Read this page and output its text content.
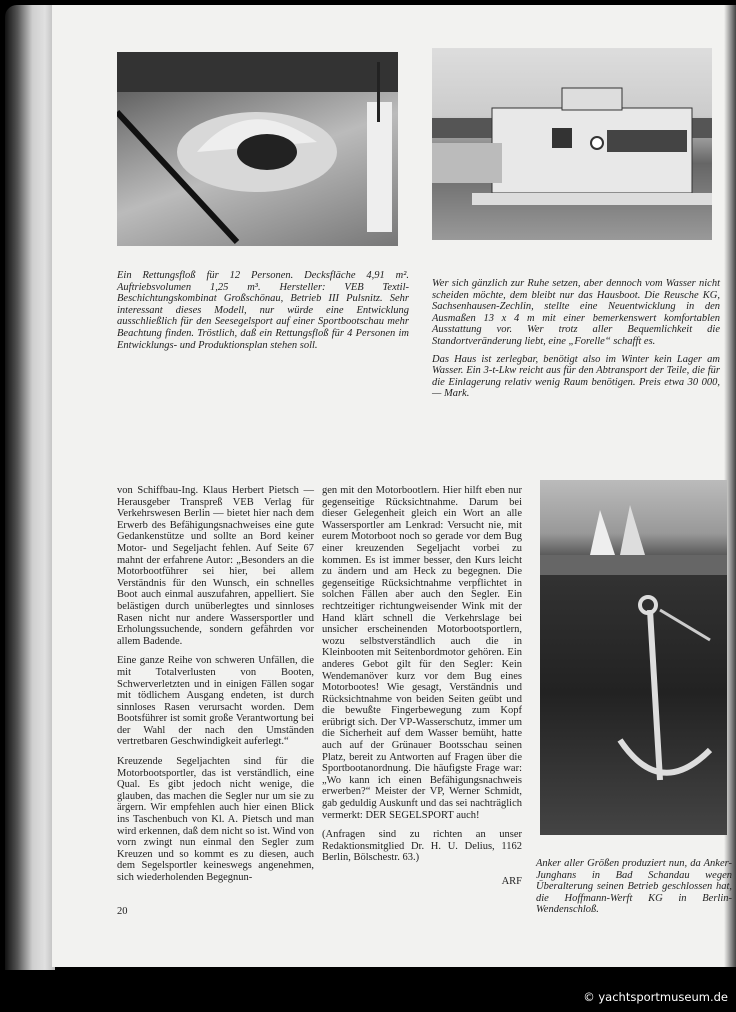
Ein Rettungsfloß für 12 Personen. Decksfläche 4,91 m². Auftriebsvolumen 1,25 m³. Hersteller: VEB Textil-Beschichtungskombinat Großschönau, Betrieb III Pulsnitz. Sehr interessant dieses Modell, nur würde eine Entwicklung ausschließlich für den Seesegelsport auf einer Sportbootschau mehr Beachtung finden. Tröstlich, daß ein Rettungsfloß für 4 Personen im Entwicklungs- und Produktionsplan stehen soll.

Wer sich gänzlich zur Ruhe setzen, aber dennoch vom Wasser nicht scheiden möchte, dem bleibt nur das Hausboot. Die Reusche KG, Sachsenhausen-Zechlin, stellte eine Neuentwicklung in den Ausmaßen 13 x 4 m mit einer bemerkenswert komfortablen Ausstattung vor. Wer trotz aller Bequemlichkeit die Standortveränderung liebt, eine „Forelle“ schafft es.

Das Haus ist zerlegbar, benötigt also im Winter kein Lager am Wasser. Ein 3-t-Lkw reicht aus für den Abtransport der Teile, die für die Einlagerung relativ wenig Raum benötigen. Preis etwa 30 000,— Mark.

von Schiffbau-Ing. Klaus Herbert Pietsch — Herausgeber Transpreß VEB Verlag für Verkehrswesen Berlin — bietet hier nach dem Erwerb des Befähigungsnachweises eine gute Gedankenstütze und sollte an Bord keiner Motor- und Segeljacht fehlen. Auf Seite 67 mahnt der erfahrene Autor: „Besonders an die Motorbootführer sei hier, bei allem Verständnis für den Wunsch, ein schnelles Boot auch einmal auszufahren, appelliert. Sie belästigen durch unüberlegtes und sinnloses Rasen nicht nur andere Wassersportler und Erholungssuchende, sondern gefährden vor allem Badende.

Eine ganze Reihe von schweren Unfällen, die mit Totalverlusten von Booten, Schwerverletzten und in einigen Fällen sogar mit tödlichem Ausgang endeten, ist durch sinnloses Rasen verursacht worden. Dem Bootsführer ist somit große Verantwortung bei der Wahl der nach den Umständen vertretbaren Geschwindigkeit auferlegt.“

Kreuzende Segeljachten sind für die Motorbootsportler, das ist verständlich, eine Qual. Es gibt jedoch nicht wenige, die glauben, das machen die Segler nur um sie zu ärgern. Wir empfehlen auch hier einen Blick ins Taschenbuch von Kl. A. Pietsch und man wird erkennen, daß dem nicht so ist. Wind von vorn zwingt nun einmal den Segler zum Kreuzen und so kommt es zu diesen, auch dem Segelsportler keineswegs angenehmen, sich wiederholenden Begegnun-

20

gen mit den Motorbootlern. Hier hilft eben nur gegenseitige Rücksichtnahme. Darum bei dieser Gelegenheit gleich ein Wort an alle Wassersportler am Lenkrad: Versucht nie, mit eurem Motorboot noch so gerade vor dem Bug einer kreuzenden Segeljacht vorbei zu kommen. Es ist immer besser, den Kurs leicht zu ändern und am Heck zu begegnen. Die gegenseitige Rücksichtnahme verpflichtet in solchen Fällen aber auch den Segler. Ein rechtzeitiger richtungweisender Wink mit der Hand klärt schnell die Verkehrslage bei unsicher erscheinenden Motorbootsportlern, wozu selbstverständlich auch die in Kleinbooten mit Seitenbordmotor gehören. Ein anderes Gebot gilt für den Segler: Kein Wendemanöver kurz vor dem Bug eines Motorbootes! Wie gesagt, Verständnis und Rücksichtnahme von beiden Seiten geübt und die bewußte Fingerbewegung zum Kopf erübrigt sich. Der VP-Wasserschutz, immer um die Sicherheit auf dem Wasser bemüht, hatte auch auf der Grünauer Bootsschau seinen Platz, bereit zu Antworten auf Fragen über die Sportbootanordnung. Die häufigste Frage war: „Wo kann ich einen Befähigungsnachweis erwerben?“ Meister der VP, Werner Schmidt, gab geduldig Auskunft und das sei nachträglich vermerkt: DER SEGELSPORT auch!

(Anfragen sind zu richten an unser Redaktionsmitglied Dr. H. U. Delius, 1162 Berlin, Bölschestr. 63.)

ARF

Anker aller Größen produziert nun, da Anker-Junghans in Bad Schandau wegen Überalterung seinen Betrieb geschlossen hat, die Hoffmann-Werft KG in Berlin-Wendenschloß.
© yachtsportmuseum.de
